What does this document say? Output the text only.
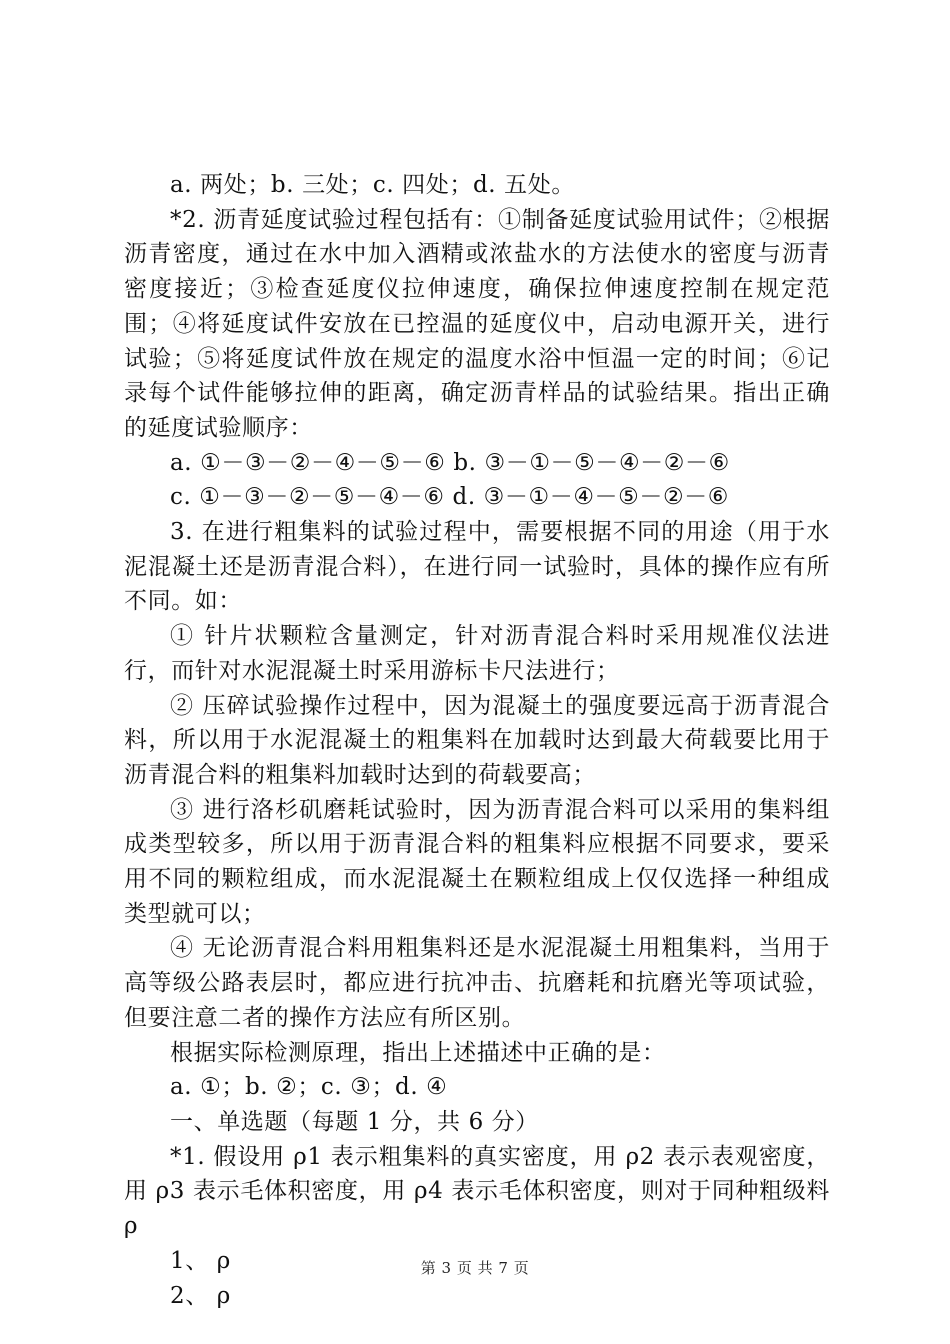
a. 两处；b. 三处；c. 四处；d. 五处。

*2. 沥青延度试验过程包括有：①制备延度试验用试件；②根据沥青密度，通过在水中加入酒精或浓盐水的方法使水的密度与沥青密度接近；③检查延度仪拉伸速度，确保拉伸速度控制在规定范围；④将延度试件安放在已控温的延度仪中，启动电源开关，进行试验；⑤将延度试件放在规定的温度水浴中恒温一定的时间；⑥记录每个试件能够拉伸的距离，确定沥青样品的试验结果。指出正确的延度试验顺序：

a. ①－③－②－④－⑤－⑥ b. ③－①－⑤－④－②－⑥

c. ①－③－②－⑤－④－⑥ d. ③－①－④－⑤－②－⑥

3. 在进行粗集料的试验过程中，需要根据不同的用途（用于水泥混凝土还是沥青混合料），在进行同一试验时，具体的操作应有所不同。如：

① 针片状颗粒含量测定，针对沥青混合料时采用规准仪法进行，而针对水泥混凝土时采用游标卡尺法进行；

② 压碎试验操作过程中，因为混凝土的强度要远高于沥青混合料，所以用于水泥混凝土的粗集料在加载时达到最大荷载要比用于沥青混合料的粗集料加载时达到的荷载要高；

③ 进行洛杉矶磨耗试验时，因为沥青混合料可以采用的集料组成类型较多，所以用于沥青混合料的粗集料应根据不同要求，要采用不同的颗粒组成，而水泥混凝土在颗粒组成上仅仅选择一种组成类型就可以；

④ 无论沥青混合料用粗集料还是水泥混凝土用粗集料，当用于高等级公路表层时，都应进行抗冲击、抗磨耗和抗磨光等项试验，但要注意二者的操作方法应有所区别。

根据实际检测原理，指出上述描述中正确的是：

a. ①；b. ②；c. ③；d. ④

一、单选题（每题 1 分，共 6 分）

*1. 假设用 ρ1 表示粗集料的真实密度，用 ρ2 表示表观密度，用 ρ3 表示毛体积密度，用 ρ4 表示毛体积密度，则对于同种粗级料 ρ

1、 ρ

2、 ρ

第 3 页 共 7 页
